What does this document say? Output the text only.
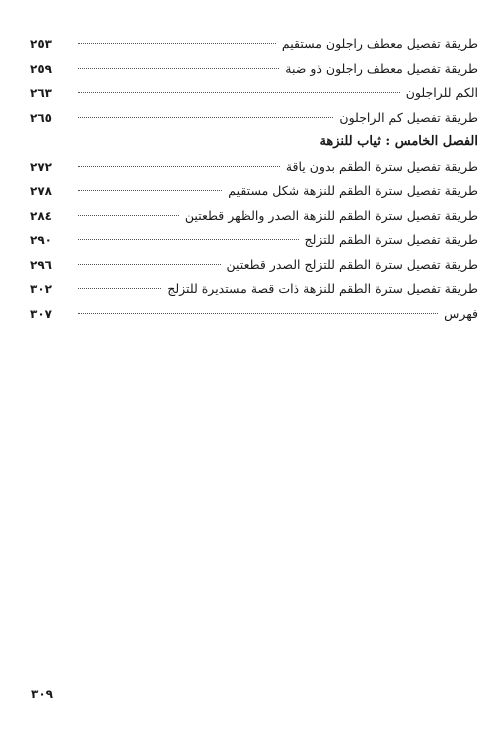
طريقة تفصيل معطف راجلون مستقيم
٢٥٣
طريقة تفصيل معطف راجلون ذو ضبة
٢٥٩
الكم للراجلون
٢٦٣
طريقة تفصيل كم الراجلون
٢٦٥
الفصل الخامس : ثياب للنزهة
طريقة تفصيل سترة الطقم بدون ياقة
٢٧٢
طريقة تفصيل سترة الطقم للنزهة شكل مستقيم
٢٧٨
طريقة تفصيل سترة الطقم للنزهة الصدر والظهر قطعتين
٢٨٤
طريقة تفصيل سترة الطقم للتزلج
٢٩٠
طريقة تفصيل سترة الطقم للتزلج الصدر قطعتين
٢٩٦
طريقة تفصيل سترة الطقم للنزهة ذات قصة مستديرة للتزلج
٣٠٢
فهرس
٣٠٧
٣٠٩
